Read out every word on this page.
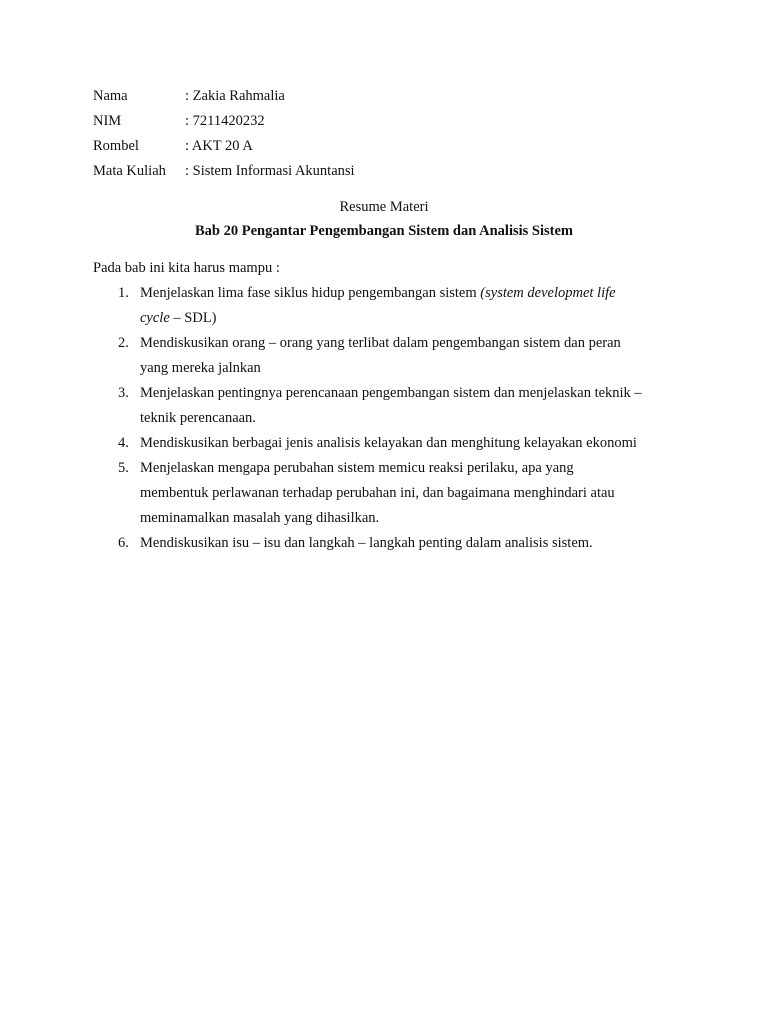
Nama	: Zakia Rahmalia
NIM	: 7211420232
Rombel	: AKT 20 A
Mata Kuliah	: Sistem Informasi Akuntansi
Resume Materi
Bab 20 Pengantar Pengembangan Sistem dan Analisis Sistem
Pada bab ini kita harus mampu :
1. Menjelaskan lima fase siklus hidup pengembangan sistem (system developmet life
cycle – SDL)
2. Mendiskusikan orang – orang yang terlibat dalam pengembangan sistem dan peran
yang mereka jalnkan
3. Menjelaskan pentingnya perencanaan pengembangan sistem dan menjelaskan teknik –
teknik perencanaan.
4. Mendiskusikan berbagai jenis analisis kelayakan dan menghitung kelayakan ekonomi
5. Menjelaskan mengapa perubahan sistem memicu reaksi perilaku, apa yang
membentuk perlawanan terhadap perubahan ini, dan bagaimana menghindari atau
meminamalkan masalah yang dihasilkan.
6. Mendiskusikan isu – isu dan langkah – langkah penting dalam analisis sistem.
